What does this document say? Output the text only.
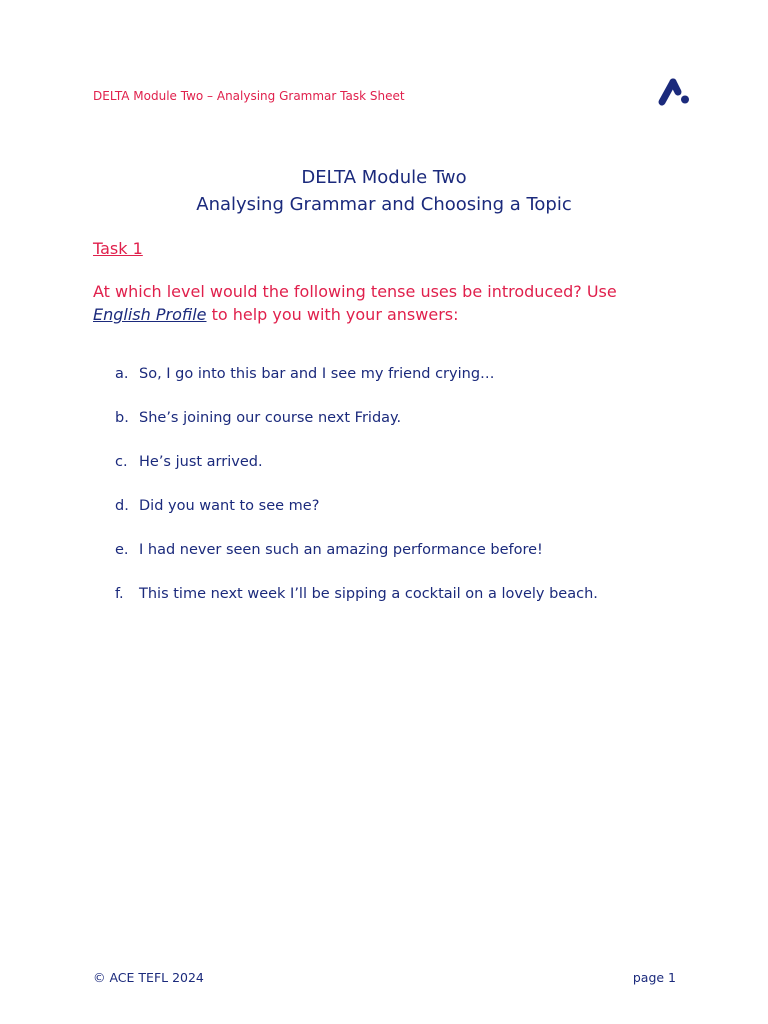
DELTA Module Two – Analysing Grammar Task Sheet
DELTA Module Two
Analysing Grammar and Choosing a Topic
Task 1
At which level would the following tense uses be introduced? Use
English Profile to help you with your answers:
a. So, I go into this bar and I see my friend crying…
b. She’s joining our course next Friday.
c. He’s just arrived.
d. Did you want to see me?
e. I had never seen such an amazing performance before!
f.	This time next week I’ll be sipping a cocktail on a lovely beach.
© ACE TEFL 2024	page 1
